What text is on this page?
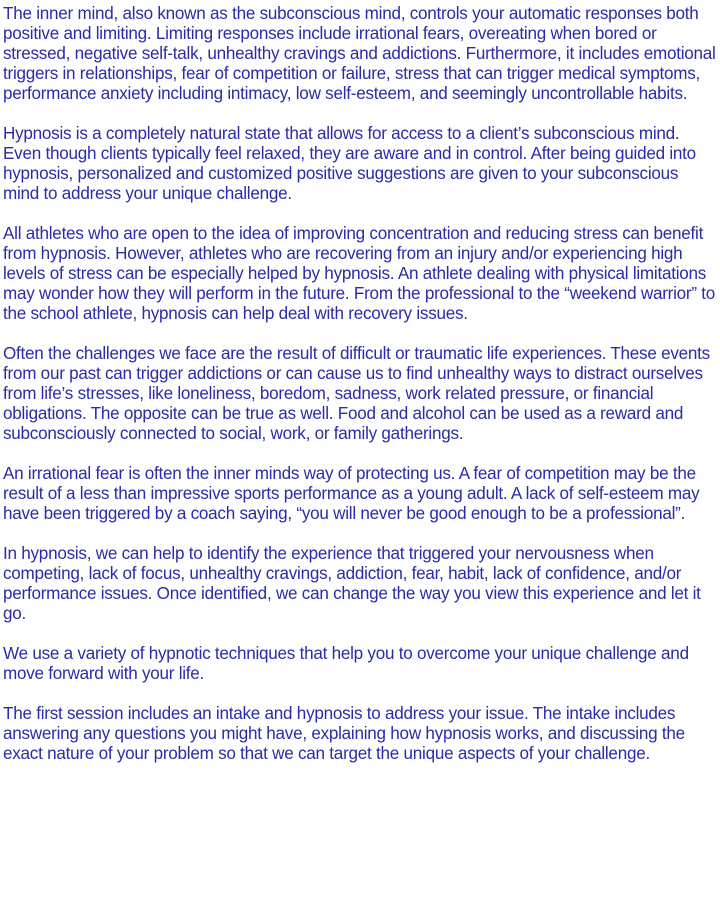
The inner mind, also known as the subconscious mind, controls your automatic responses both positive and limiting. Limiting responses include irrational fears, overeating when bored or stressed, negative self-talk, unhealthy cravings and addictions. Furthermore, it includes emotional triggers in relationships, fear of competition or failure, stress that can trigger medical symptoms, performance anxiety including intimacy, low self-esteem, and seemingly uncontrollable habits.

Hypnosis is a completely natural state that allows for access to a client’s subconscious mind. Even though clients typically feel relaxed, they are aware and in control. After being guided into hypnosis, personalized and customized positive suggestions are given to your subconscious mind to address your unique challenge.

All athletes who are open to the idea of improving concentration and reducing stress can benefit from hypnosis. However, athletes who are recovering from an injury and/or experiencing high levels of stress can be especially helped by hypnosis. An athlete dealing with physical limitations may wonder how they will perform in the future. From the professional to the “weekend warrior” to the school athlete, hypnosis can help deal with recovery issues.

Often the challenges we face are the result of difficult or traumatic life experiences. These events from our past can trigger addictions or can cause us to find unhealthy ways to distract ourselves from life’s stresses, like loneliness, boredom, sadness, work related pressure, or financial obligations. The opposite can be true as well. Food and alcohol can be used as a reward and subconsciously connected to social, work, or family gatherings.

An irrational fear is often the inner minds way of protecting us. A fear of competition may be the result of a less than impressive sports performance as a young adult. A lack of self-esteem may have been triggered by a coach saying, “you will never be good enough to be a professional”.

In hypnosis, we can help to identify the experience that triggered your nervousness when competing, lack of focus, unhealthy cravings, addiction, fear, habit, lack of confidence, and/or performance issues. Once identified, we can change the way you view this experience and let it go.

We use a variety of hypnotic techniques that help you to overcome your unique challenge and move forward with your life.

The first session includes an intake and hypnosis to address your issue. The intake includes answering any questions you might have, explaining how hypnosis works, and discussing the exact nature of your problem so that we can target the unique aspects of your challenge.
